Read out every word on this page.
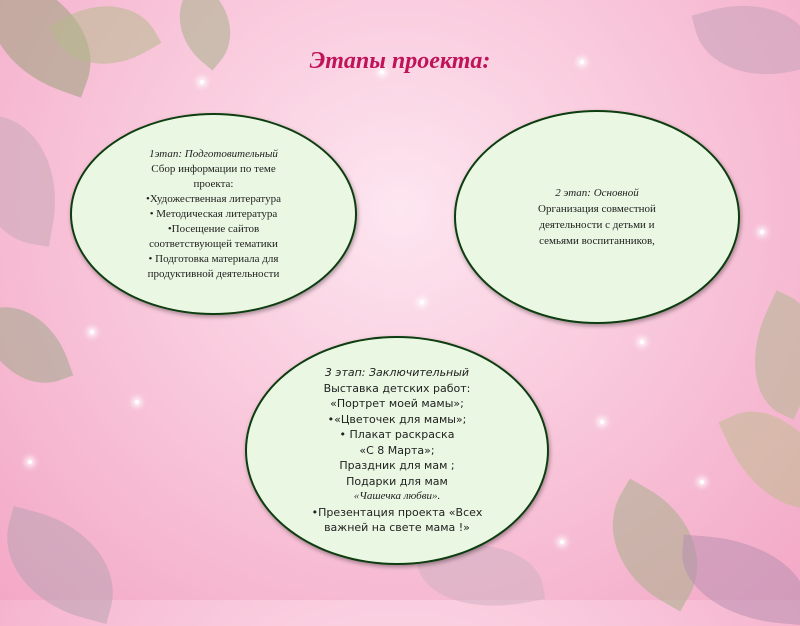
Этапы проекта:
1этап: Подготовительный
Сбор информации по теме
проекта:
•Художественная литература
• Методическая литература
•Посещение сайтов
соответствующей тематики
• Подготовка материала для
продуктивной деятельности
2 этап: Основной
Организация совместной
деятельности с детьми и
семьями воспитанников,
3 этап: Заключительный
Выставка детских работ:
«Портрет моей мамы»;
•«Цветочек для мамы»;
• Плакат раскраска
«С 8 Марта»;
Праздник для мам ;
Подарки для мам
«Чашечка любви».
•Презентация проекта «Всех
важней на свете мама !»
